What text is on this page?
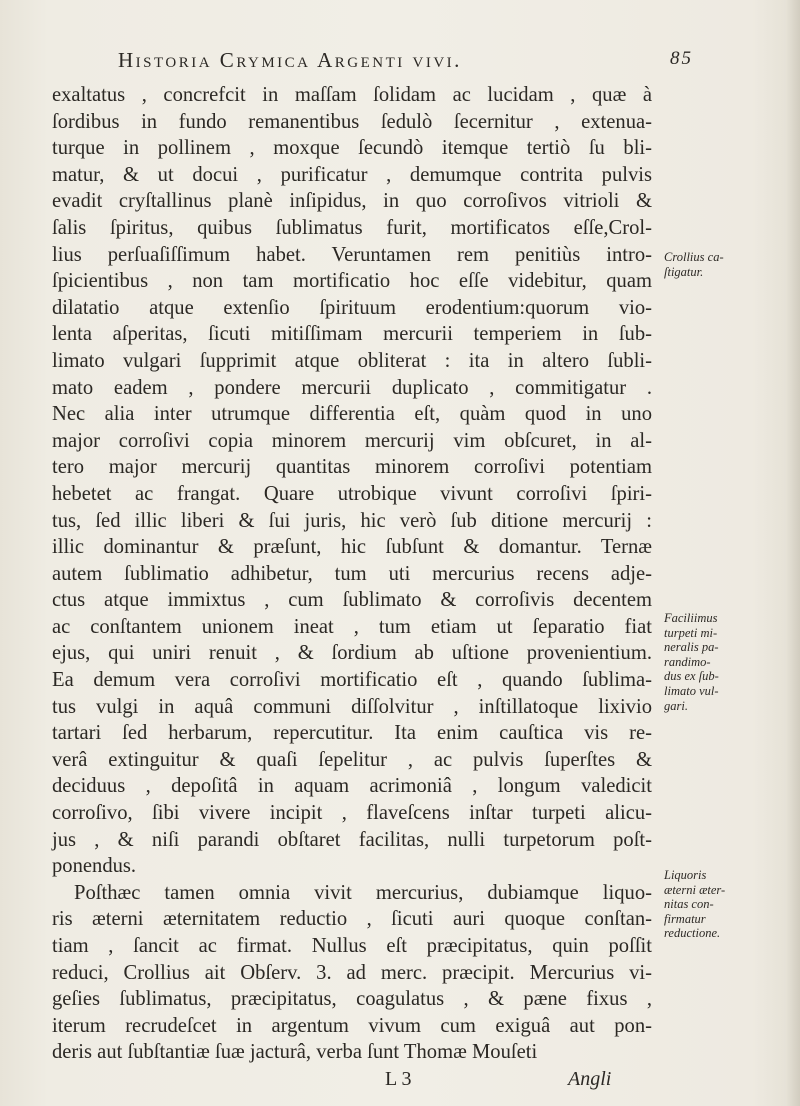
Historia Crymica Argenti vivi.	85
exaltatus , concrefcit in maſſam ſolidam ac lucidam , quæ à
ſordibus in fundo remanentibus ſedulò ſecernitur , extenua-
turque in pollinem , moxque ſecundò itemque tertiò ſu bli-
matur, & ut docui , purificatur , demumque contrita pulvis
evadit cryſtallinus planè inſipidus, in quo corroſivos vitrioli &
ſalis ſpiritus, quibus ſublimatus furit, mortificatos eſſe,Crol-
lius perſuaſiſſimum habet. Veruntamen rem penitiùs intro-
ſpicientibus , non tam mortificatio hoc eſſe videbitur, quam
dilatatio atque extenſio ſpirituum erodentium:quorum vio-
lenta aſperitas, ſicuti mitiſſimam mercurii temperiem in ſub-
limato vulgari ſupprimit atque obliterat : ita in altero ſubli-
mato eadem , pondere mercurii duplicato , commitigatur .
Nec alia inter utrumque differentia eſt, quàm quod in uno
major corroſivi copia minorem mercurij vim obſcuret, in al-
tero major mercurij quantitas minorem corroſivi potentiam
hebetet ac frangat. Quare utrobique vivunt corroſivi ſpiri-
tus, ſed illic liberi & ſui juris, hic verò ſub ditione mercurij :
illic dominantur & præſunt, hic ſubſunt & domantur. Ternæ
autem ſublimatio adhibetur, tum uti mercurius recens adje-
ctus atque immixtus , cum ſublimato & corroſivis decentem
ac conſtantem unionem ineat , tum etiam ut ſeparatio fiat
ejus, qui uniri renuit , & ſordium ab uſtione provenientium.
Ea demum vera corroſivi mortificatio eſt , quando ſublima-
tus vulgi in aquâ communi diſſolvitur , inſtillatoque lixivio
tartari ſed herbarum, repercutitur. Ita enim cauſtica vis re-
verâ extinguitur & quaſi ſepelitur , ac pulvis ſuperſtes &
deciduus , depoſitâ in aquam acrimoniâ , longum valedicit
corroſivo, ſibi vivere incipit , flaveſcens inſtar turpeti alicu-
jus , & niſi parandi obſtaret facilitas, nulli turpetorum poſt-
ponendus.
Poſthæc tamen omnia vivit mercurius, dubiamque liquo-
ris æterni æternitatem reductio , ſicuti auri quoque conſtan-
tiam , ſancit ac firmat. Nullus eſt præcipitatus, quin poſſit
reduci, Crollius ait Obſerv. 3. ad merc. præcipit. Mercurius vi-
geſies ſublimatus, præcipitatus, coagulatus , & pæne fixus ,
iterum recrudeſcet in argentum vivum cum exiguâ aut pon-
deris aut ſubſtantiæ ſuæ jacturâ, verba ſunt Thomæ Mouſeti
Crollius ca-
ſtigatur.
Faciliimus
turpeti mi-
neralis pa-
randimo-
dus ex ſub-
limato vul-
gari.
Liquoris
æterni æter-
nitas con-
firmatur
reductione.
L 3	Angli
